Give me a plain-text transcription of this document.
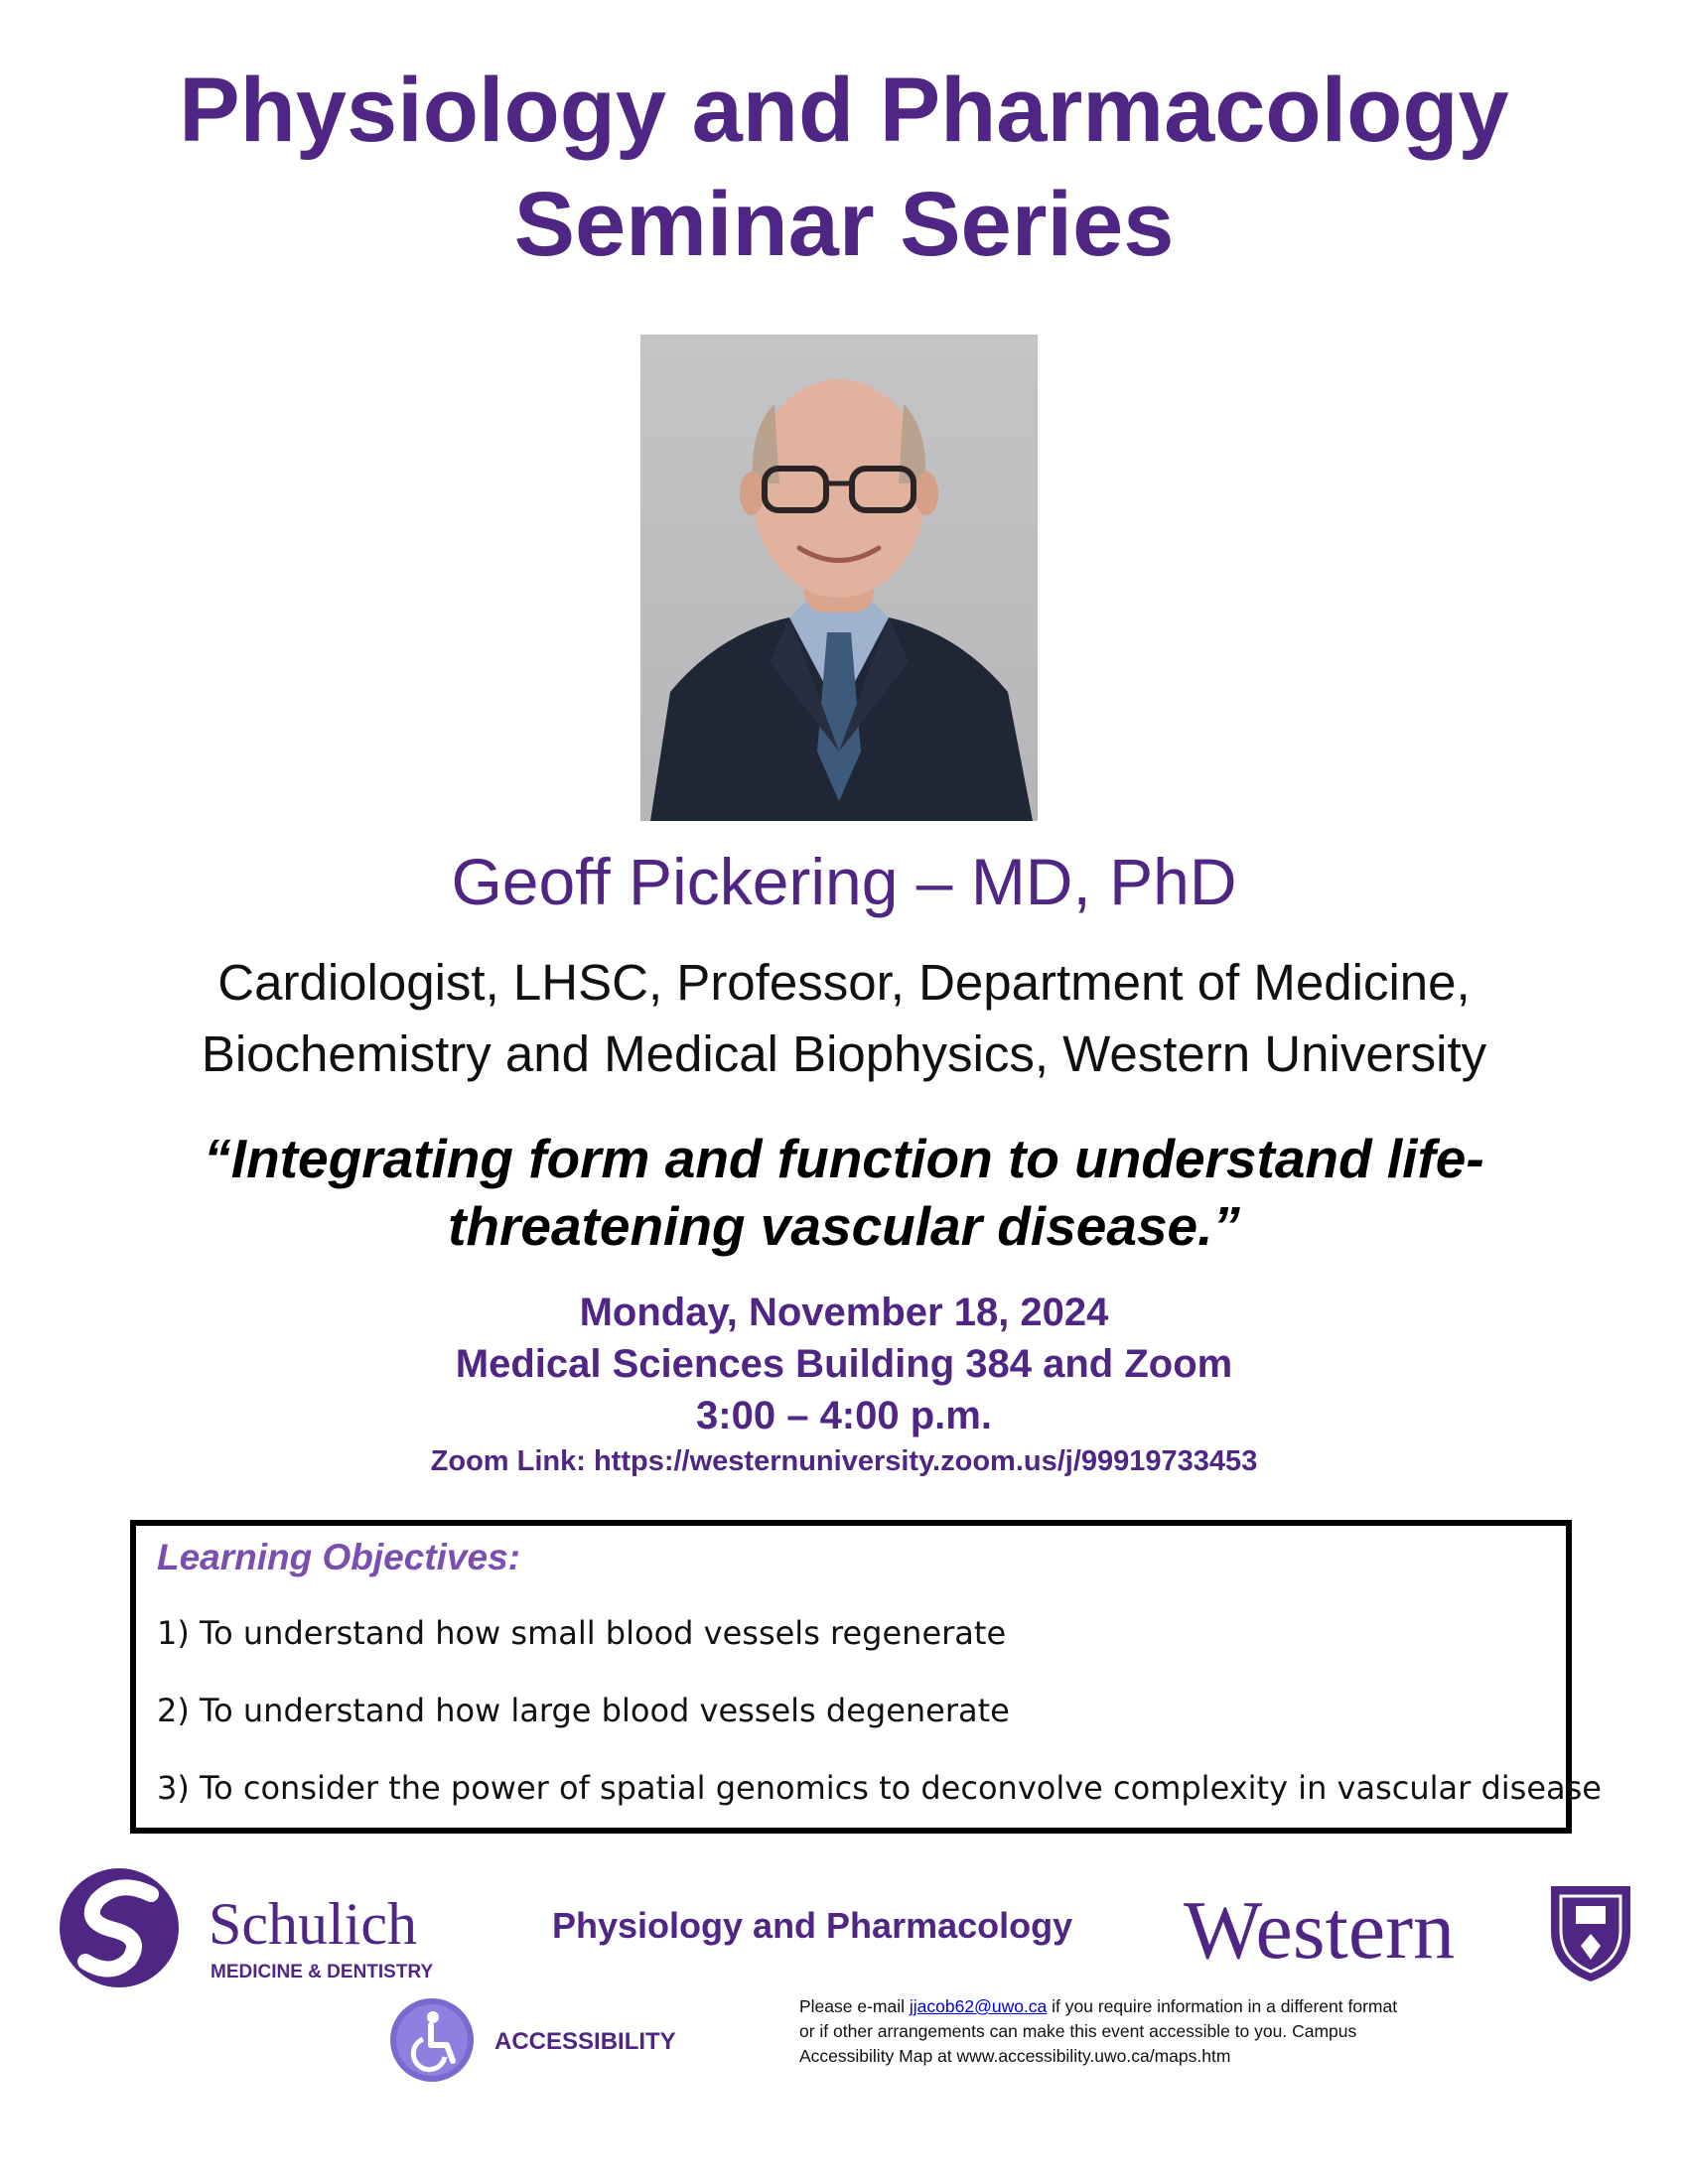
Physiology and Pharmacology
Seminar Series
Geoff Pickering – MD, PhD
Cardiologist, LHSC, Professor, Department of Medicine,
Biochemistry and Medical Biophysics, Western University
“Integrating form and function to understand life-
threatening vascular disease.”
Monday, November 18, 2024
Medical Sciences Building 384 and Zoom
3:00 – 4:00 p.m.
Zoom Link: https://westernuniversity.zoom.us/j/99919733453
Learning Objectives:
1) To understand how small blood vessels regenerate
2) To understand how large blood vessels degenerate
3) To consider the power of spatial genomics to deconvolve complexity in vascular disease
Schulich
MEDICINE & DENTISTRY
Physiology and Pharmacology Western
ACCESSIBILITY
Please e-mail jjacob62@uwo.ca if you require information in a different format
or if other arrangements can make this event accessible to you. Campus
Accessibility Map at www.accessibility.uwo.ca/maps.htm
